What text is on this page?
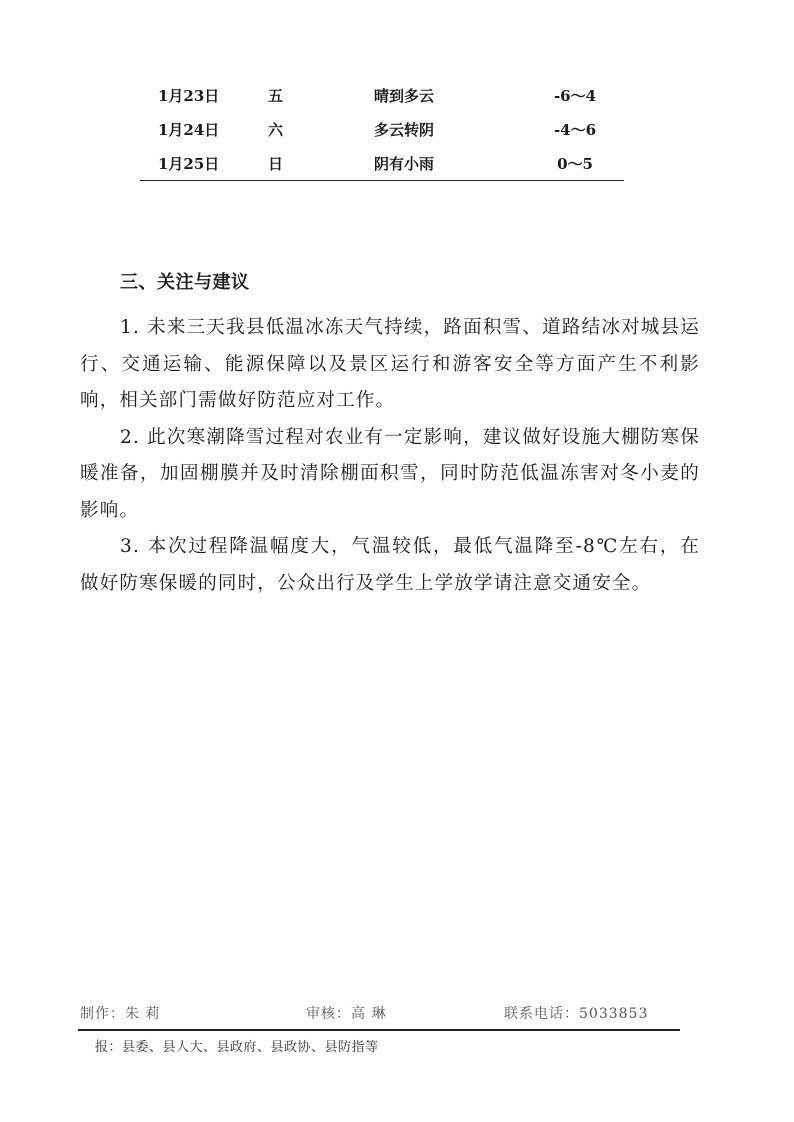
1月23日	五	晴到多云	-6～4
1月24日	六	多云转阴	-4～6
1月25日	日	阴有小雨	0～5
三、关注与建议

1. 未来三天我县低温冰冻天气持续，路面积雪、道路结冰对城县运行、交通运输、能源保障以及景区运行和游客安全等方面产生不利影响，相关部门需做好防范应对工作。

2. 此次寒潮降雪过程对农业有一定影响，建议做好设施大棚防寒保暖准备，加固棚膜并及时清除棚面积雪，同时防范低温冻害对冬小麦的影响。

3. 本次过程降温幅度大，气温较低，最低气温降至-8℃左右，在做好防寒保暖的同时，公众出行及学生上学放学请注意交通安全。

制作：朱 莉	审核：高 琳	联系电话：5033853
报：县委、县人大、县政府、县政协、县防指等
